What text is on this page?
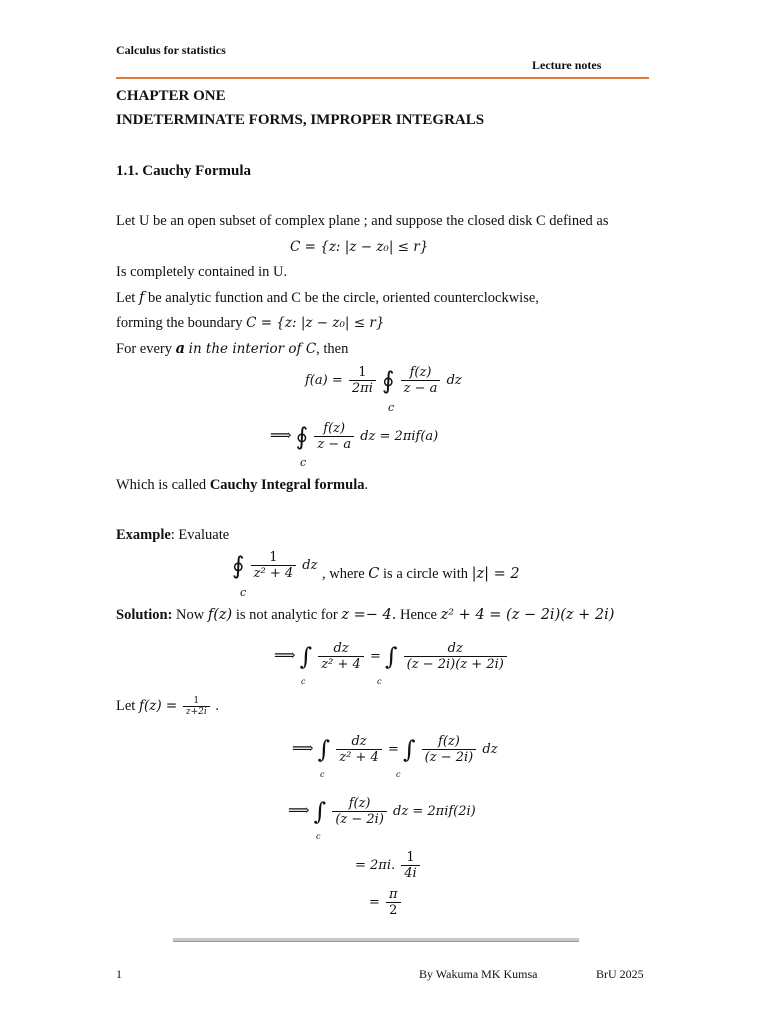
Calculus for statistics
Lecture notes
CHAPTER ONE
INDETERMINATE FORMS, IMPROPER INTEGRALS
1.1. Cauchy Formula
Let U be an open subset of complex plane ; and suppose the closed disk C defined as
C = {z: |z − z₀| ≤ r}
Is completely contained in U.
Let f be analytic function and C be the circle, oriented counterclockwise,
forming the boundary C = {z: |z − z₀| ≤ r}
For every a in the interior of C, then
$f(a) = \frac{1}{2\pi i}$ ∮ $\frac{f(z)}{z - a}$ dz
c
⟹ ∮ $\frac{f(z)}{z - a}$ dz = 2πif(a)
c
Which is called Cauchy Integral formula.
Example: Evaluate
∮ $\frac{1}{\text{z² + 4}}$ dz
, where C is a circle with |z| = 2
c
Solution: Now f(z) is not analytic for z =− 4. Hence z² + 4 = (z − 2i)(z + 2i)
⟹ ∫ $\frac{dz}{\text{z² + 4}}$ = ∫ $\frac{dz}{(z - 2i)(z + 2i)}$
c	c
Let $f(z) = \frac{1}{z+2i}$ .
⟹ ∫ $\frac{dz}{\text{z² + 4}}$ = ∫ $\frac{f(z)}{(z - 2i)}$ dz
c	c
⟹ ∫ $\frac{f(z)}{(z - 2i)}$ dz = 2πif(2i)
c
= 2πi. $\frac{1}{4i}$
= $\frac{\pi}{2}$
1	By Wakuma MK Kumsa	BrU 2025
